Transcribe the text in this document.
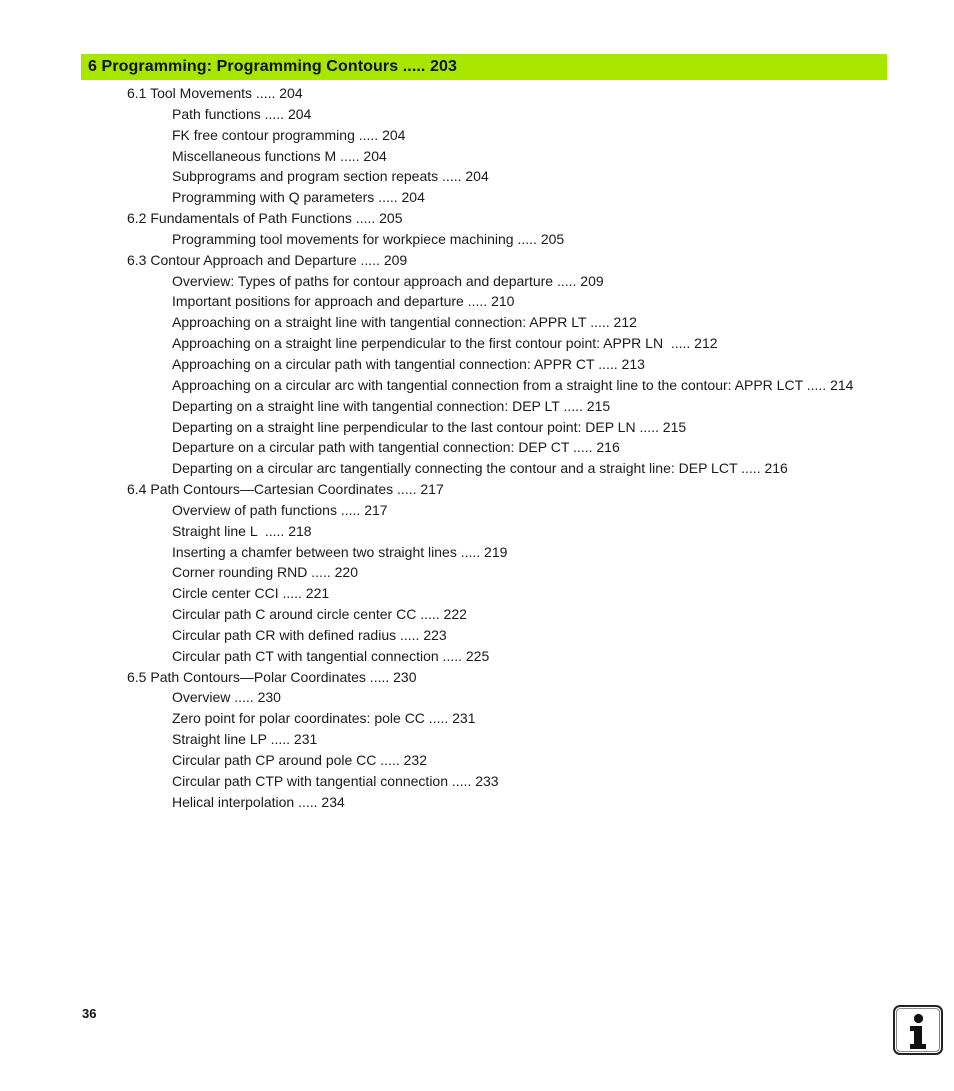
6 Programming: Programming Contours ..... 203
6.1 Tool Movements ..... 204
Path functions ..... 204
FK free contour programming ..... 204
Miscellaneous functions M ..... 204
Subprograms and program section repeats ..... 204
Programming with Q parameters ..... 204
6.2 Fundamentals of Path Functions ..... 205
Programming tool movements for workpiece machining ..... 205
6.3 Contour Approach and Departure ..... 209
Overview: Types of paths for contour approach and departure ..... 209
Important positions for approach and departure ..... 210
Approaching on a straight line with tangential connection: APPR LT ..... 212
Approaching on a straight line perpendicular to the first contour point: APPR LN  ..... 212
Approaching on a circular path with tangential connection: APPR CT ..... 213
Approaching on a circular arc with tangential connection from a straight line to the contour: APPR LCT ..... 214
Departing on a straight line with tangential connection: DEP LT ..... 215
Departing on a straight line perpendicular to the last contour point: DEP LN ..... 215
Departure on a circular path with tangential connection: DEP CT ..... 216
Departing on a circular arc tangentially connecting the contour and a straight line: DEP LCT ..... 216
6.4 Path Contours—Cartesian Coordinates ..... 217
Overview of path functions ..... 217
Straight line L  ..... 218
Inserting a chamfer between two straight lines ..... 219
Corner rounding RND ..... 220
Circle center CCI ..... 221
Circular path C around circle center CC ..... 222
Circular path CR with defined radius ..... 223
Circular path CT with tangential connection ..... 225
6.5 Path Contours—Polar Coordinates ..... 230
Overview ..... 230
Zero point for polar coordinates: pole CC ..... 231
Straight line LP ..... 231
Circular path CP around pole CC ..... 232
Circular path CTP with tangential connection ..... 233
Helical interpolation ..... 234
36
